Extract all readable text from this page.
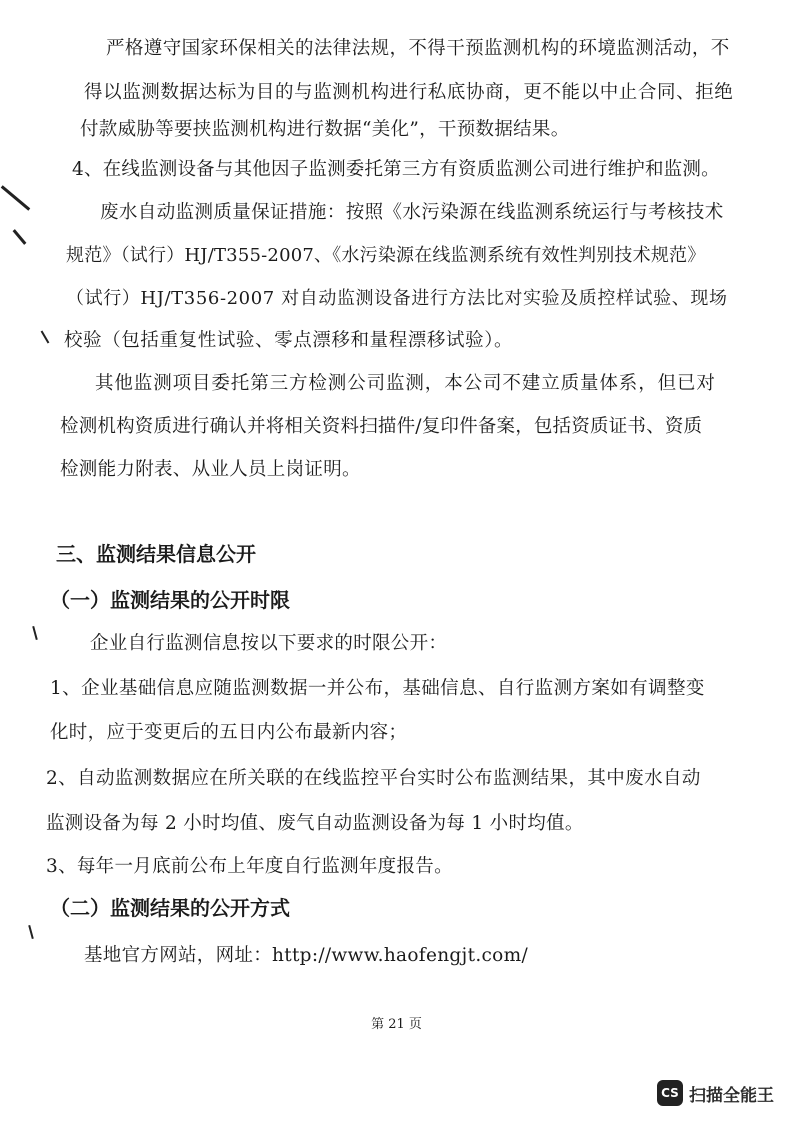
严格遵守国家环保相关的法律法规，不得干预监测机构的环境监测活动，不
得以监测数据达标为目的与监测机构进行私底协商，更不能以中止合同、拒绝
付款威胁等要挟监测机构进行数据“美化”，干预数据结果。
4、在线监测设备与其他因子监测委托第三方有资质监测公司进行维护和监测。
废水自动监测质量保证措施：按照《水污染源在线监测系统运行与考核技术
规范》（试行）HJ/T355-2007、《水污染源在线监测系统有效性判别技术规范》
（试行）HJ/T356-2007 对自动监测设备进行方法比对实验及质控样试验、现场
校验（包括重复性试验、零点漂移和量程漂移试验）。
其他监测项目委托第三方检测公司监测，本公司不建立质量体系，但已对
检测机构资质进行确认并将相关资料扫描件/复印件备案，包括资质证书、资质
检测能力附表、从业人员上岗证明。
三、监测结果信息公开
（一）监测结果的公开时限
企业自行监测信息按以下要求的时限公开：
1、企业基础信息应随监测数据一并公布，基础信息、自行监测方案如有调整变
化时，应于变更后的五日内公布最新内容；
2、自动监测数据应在所关联的在线监控平台实时公布监测结果，其中废水自动
监测设备为每 2 小时均值、废气自动监测设备为每 1 小时均值。
3、每年一月底前公布上年度自行监测年度报告。
（二）监测结果的公开方式
基地官方网站，网址：http://www.haofengjt.com/
第 21 页
CS 扫描全能王
